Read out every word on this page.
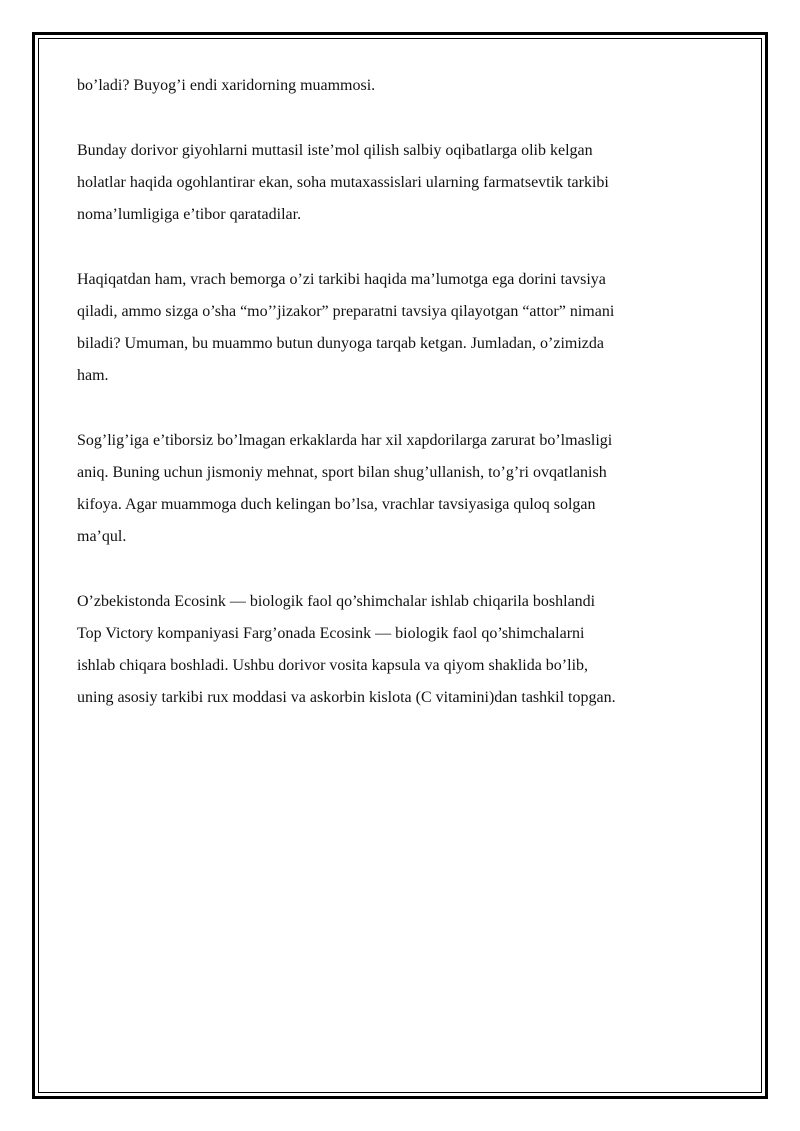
bo’ladi? Buyog’i endi xaridorning muammosi.

Bunday dorivor giyohlarni muttasil iste’mol qilish salbiy oqibatlarga olib kelgan
holatlar haqida ogohlantirar ekan, soha mutaxassislari ularning farmatsevtik tarkibi
noma’lumligiga e’tibor qaratadilar.

Haqiqatdan ham, vrach bemorga o’zi tarkibi haqida ma’lumotga ega dorini tavsiya
qiladi, ammo sizga o’sha “mo’’jizakor” preparatni tavsiya qilayotgan “attor” nimani
biladi? Umuman, bu muammo butun dunyoga tarqab ketgan. Jumladan, o’zimizda
ham.

Sog’lig’iga e’tiborsiz bo’lmagan erkaklarda har xil xapdorilarga zarurat bo’lmasligi
aniq. Buning uchun jismoniy mehnat, sport bilan shug’ullanish, to’g’ri ovqatlanish
kifoya. Agar muammoga duch kelingan bo’lsa, vrachlar tavsiyasiga quloq solgan
ma’qul.

O’zbekistonda Ecosink — biologik faol qo’shimchalar ishlab chiqarila boshlandi
Top Victory kompaniyasi Farg’onada Ecosink — biologik faol qo’shimchalarni
ishlab chiqara boshladi. Ushbu dorivor vosita kapsula va qiyom shaklida bo’lib,
uning asosiy tarkibi rux moddasi va askorbin kislota (C vitamini)dan tashkil topgan.
